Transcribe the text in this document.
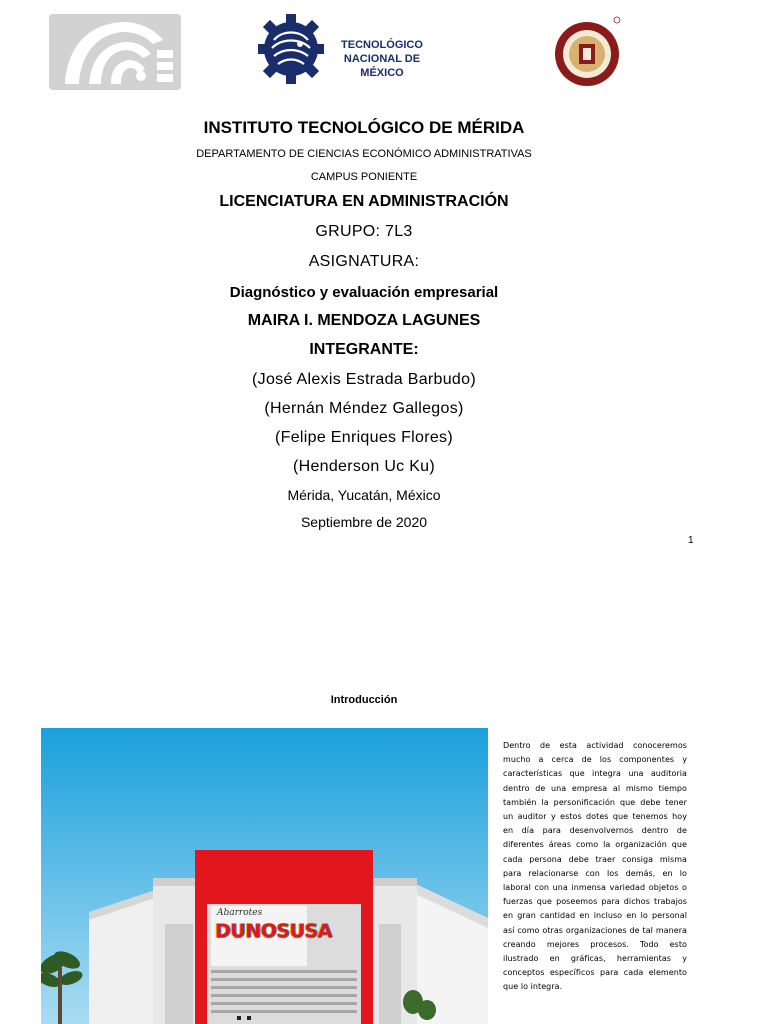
TECNOLÓGICO NACIONAL DE MÉXICO
INSTITUTO TECNOLÓGICO DE MÉRIDA
DEPARTAMENTO DE CIENCIAS ECONÓMICO ADMINISTRATIVAS
CAMPUS PONIENTE
LICENCIATURA EN ADMINISTRACIÓN
GRUPO: 7L3
ASIGNATURA:
Diagnóstico y evaluación empresarial
MAIRA I. MENDOZA LAGUNES
INTEGRANTE:
(José Alexis Estrada Barbudo)
(Hernán Méndez Gallegos)
(Felipe Enriques Flores)
(Henderson Uc Ku)
Mérida, Yucatán, México
Septiembre de 2020
1
Introducción
Abarrotes
DUNOSUSA
Dentro de esta actividad conoceremos mucho a cerca de los componentes y características que integra una auditoria dentro de una empresa al mismo tiempo también la personificación que debe tener un auditor y estos dotes que tenemos hoy en día para desenvolvernos dentro de diferentes áreas como la organización que cada persona debe traer consiga misma para relacionarse con los demás, en lo laboral con una inmensa variedad objetos o fuerzas que poseemos para dichos trabajos en gran cantidad en incluso en lo personal así como otras organizaciones de tal manera creando mejores procesos. Todo esto ilustrado en gráficas, herramientas y conceptos específicos para cada elemento que lo integra.
